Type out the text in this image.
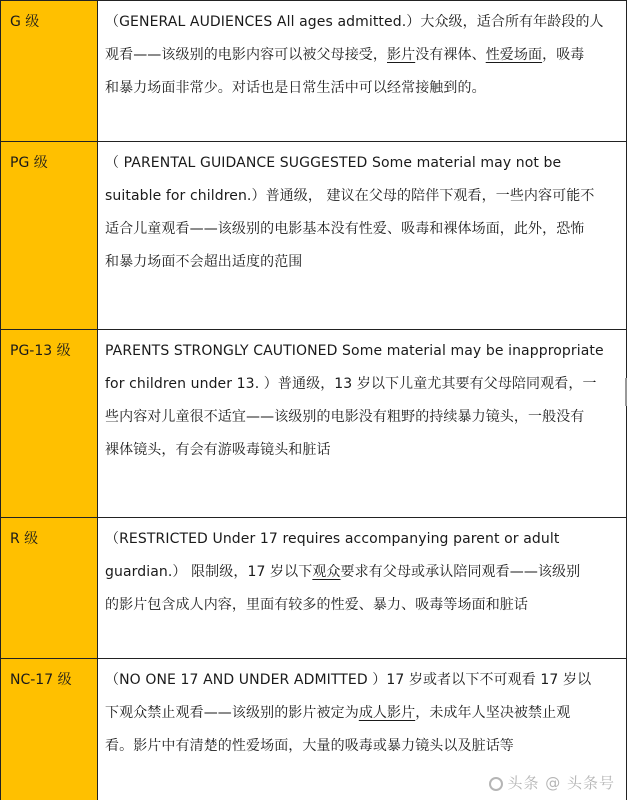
G 级	（GENERAL AUDIENCES All ages admitted.）大众级，适合所有年龄段的人
观看——该级别的电影内容可以被父母接受，影片没有裸体、性爱场面，吸毒
和暴力场面非常少。对话也是日常生活中可以经常接触到的。
PG 级	（ PARENTAL GUIDANCE SUGGESTED Some material may not be
suitable for children.）普通级， 建议在父母的陪伴下观看，一些内容可能不
适合儿童观看——该级别的电影基本没有性爱、吸毒和裸体场面，此外，恐怖
和暴力场面不会超出适度的范围
PG-13 级	PARENTS STRONGLY CAUTIONED Some material may be inappropriate
for children under 13. ）普通级，13 岁以下儿童尤其要有父母陪同观看，一
些内容对儿童很不适宜——该级别的电影没有粗野的持续暴力镜头，一般没有
裸体镜头，有会有游吸毒镜头和脏话
R 级	（RESTRICTED Under 17 requires accompanying parent or adult
guardian.） 限制级，17 岁以下观众要求有父母或承认陪同观看——该级别
的影片包含成人内容，里面有较多的性爱、暴力、吸毒等场面和脏话
NC-17 级	（NO ONE 17 AND UNDER ADMITTED ）17 岁或者以下不可观看 17 岁以
下观众禁止观看——该级别的影片被定为成人影片，未成年人坚决被禁止观
看。影片中有清楚的性爱场面，大量的吸毒或暴力镜头以及脏话等
头条 @ 头条号
